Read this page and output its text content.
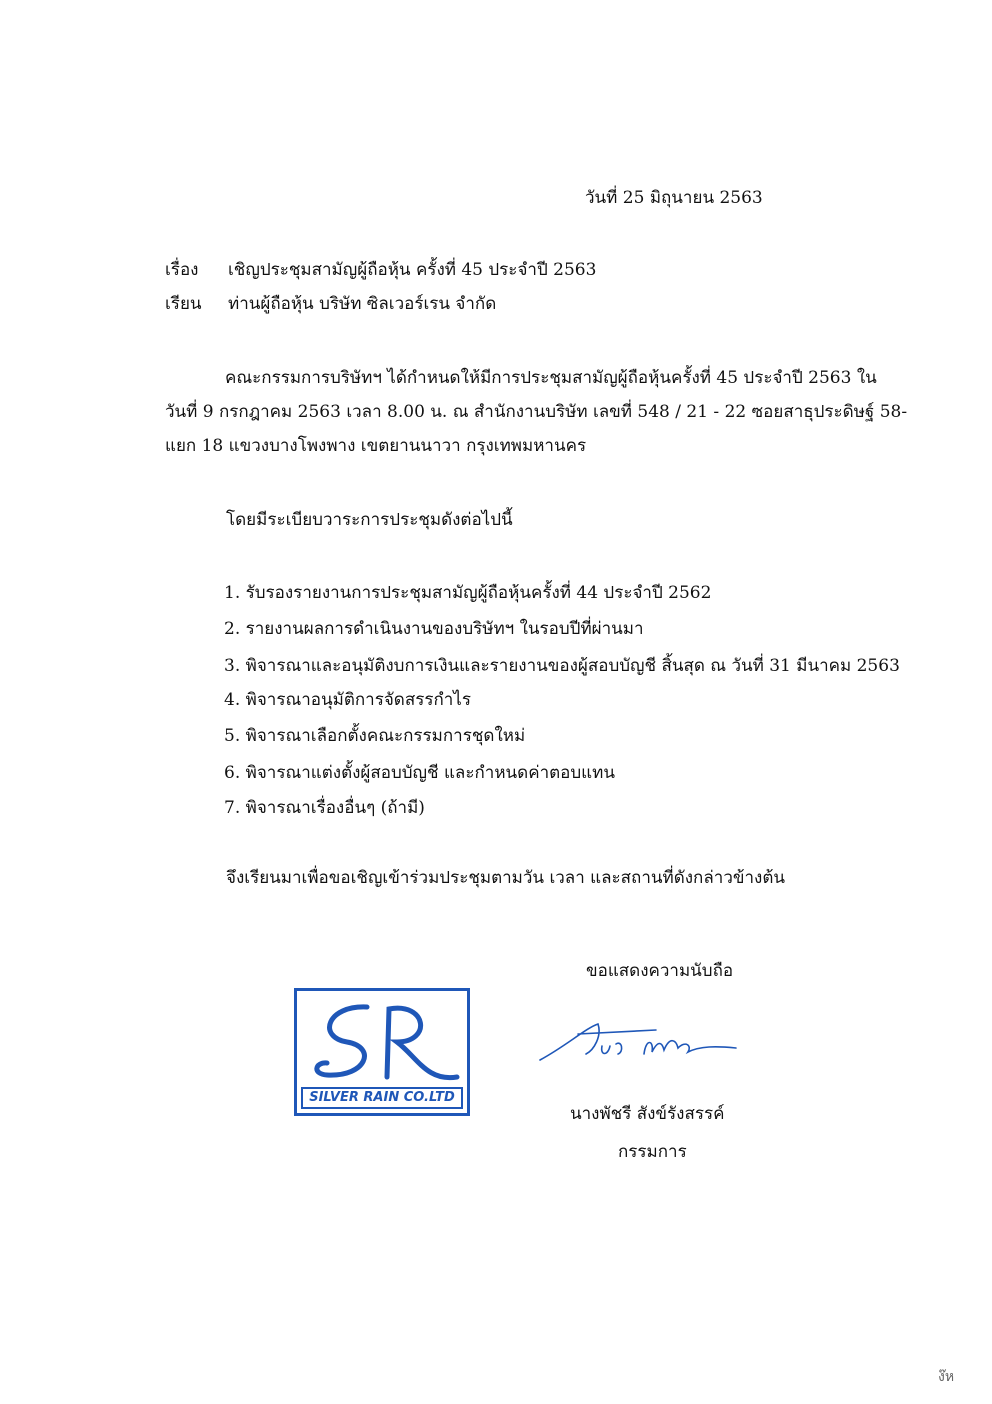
วันที่ 25 มิถุนายน 2563
เรื่อง เชิญประชุมสามัญผู้ถือหุ้น ครั้งที่ 45 ประจำปี 2563
เรียน ท่านผู้ถือหุ้น บริษัท ซิลเวอร์เรน จำกัด
คณะกรรมการบริษัทฯ ได้กำหนดให้มีการประชุมสามัญผู้ถือหุ้นครั้งที่ 45 ประจำปี 2563 ใน
วันที่ 9 กรกฎาคม 2563 เวลา 8.00 น. ณ สำนักงานบริษัท เลขที่ 548 / 21 - 22 ซอยสาธุประดิษฐ์ 58-
แยก 18 แขวงบางโพงพาง เขตยานนาวา กรุงเทพมหานคร
โดยมีระเบียบวาระการประชุมดังต่อไปนี้
1. รับรองรายงานการประชุมสามัญผู้ถือหุ้นครั้งที่ 44 ประจำปี 2562
2. รายงานผลการดำเนินงานของบริษัทฯ ในรอบปีที่ผ่านมา
3. พิจารณาและอนุมัติงบการเงินและรายงานของผู้สอบบัญชี สิ้นสุด ณ วันที่ 31 มีนาคม 2563
4. พิจารณาอนุมัติการจัดสรรกำไร
5. พิจารณาเลือกตั้งคณะกรรมการชุดใหม่
6. พิจารณาแต่งตั้งผู้สอบบัญชี และกำหนดค่าตอบแทน
7. พิจารณาเรื่องอื่นๆ (ถ้ามี)
จึงเรียนมาเพื่อขอเชิญเข้าร่วมประชุมตามวัน เวลา และสถานที่ดังกล่าวข้างต้น
ขอแสดงความนับถือ
SILVER RAIN CO.LTD
นางพัชรี สังข์รังสรรค์
กรรมการ
ง๊ห
